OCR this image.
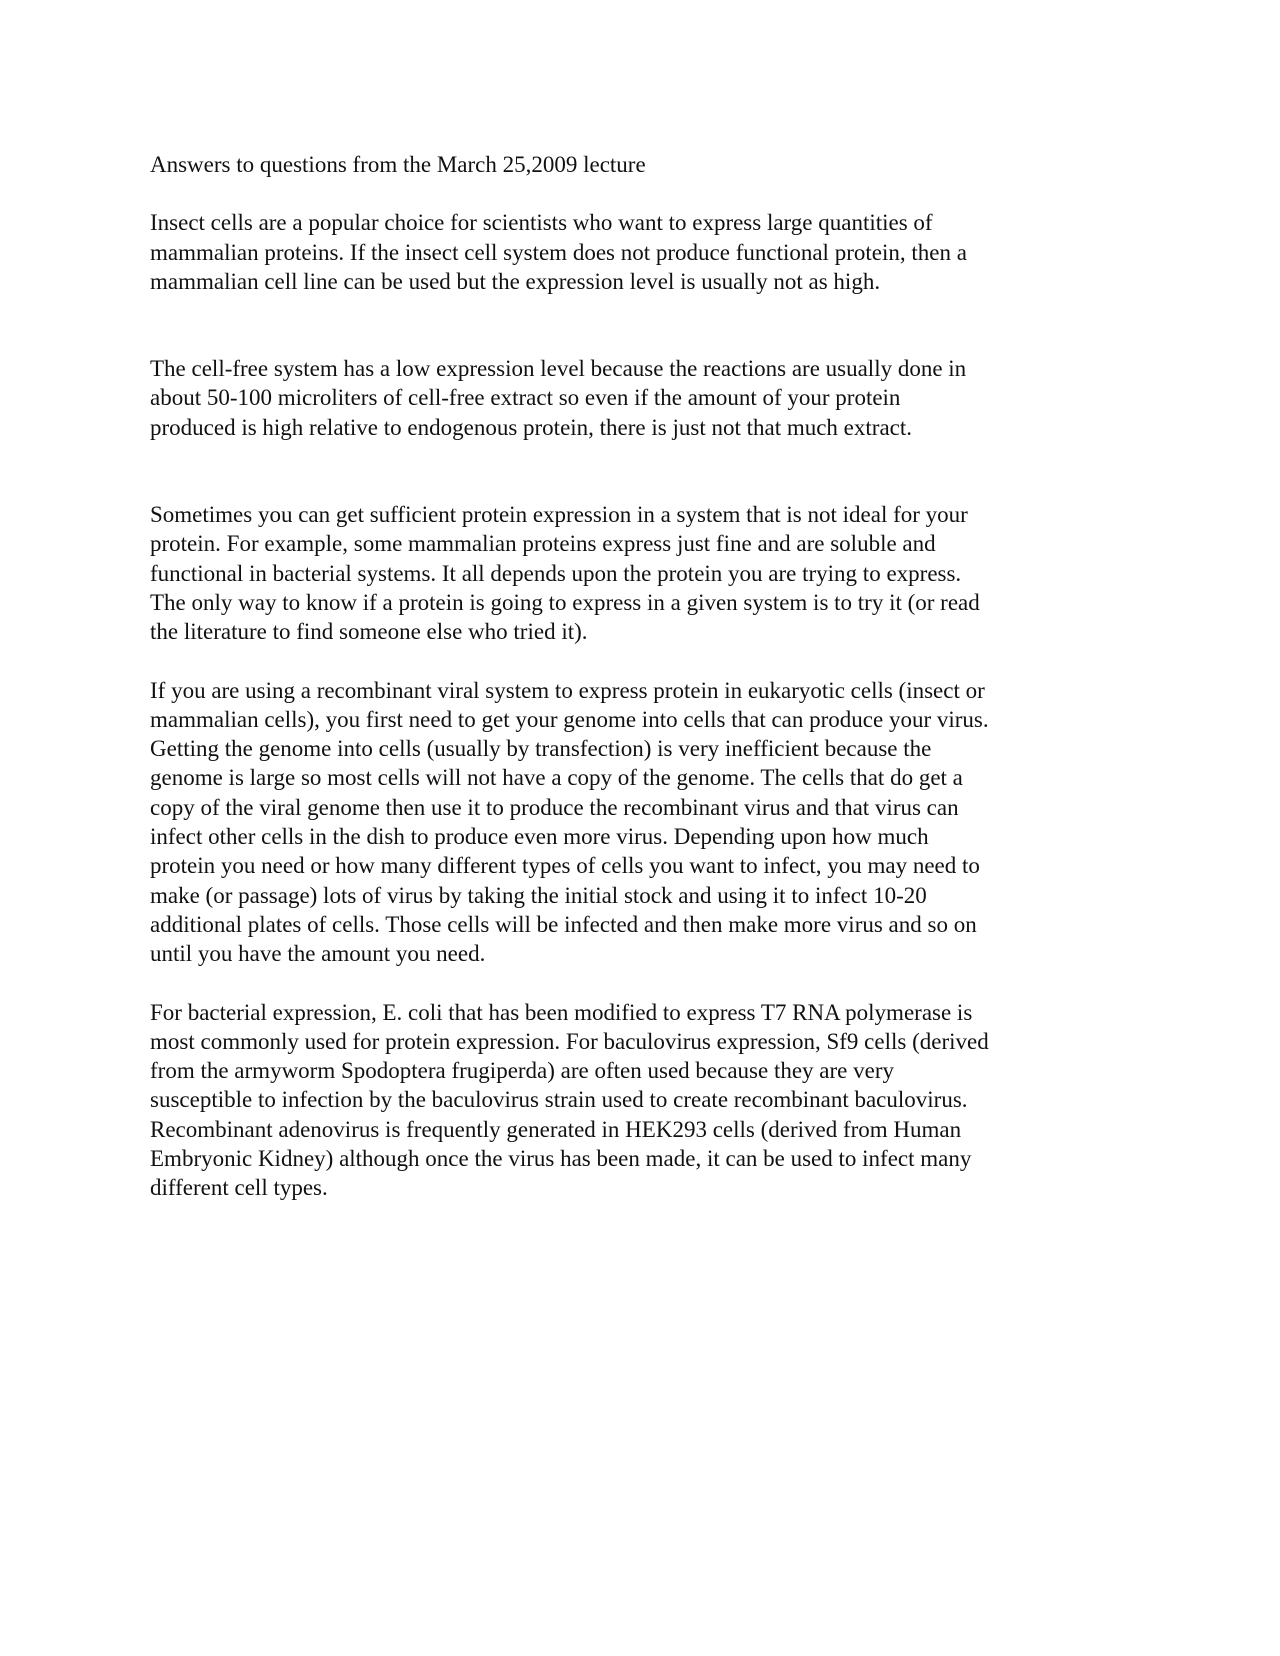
Answers to questions from the March 25,2009 lecture
Insect cells are a popular choice for scientists who want to express large quantities of
mammalian proteins. If the insect cell system does not produce functional protein, then a
mammalian cell line can be used but the expression level is usually not as high.
The cell-free system has a low expression level because the reactions are usually done in
about 50-100 microliters of cell-free extract so even if the amount of your protein
produced is high relative to endogenous protein, there is just not that much extract.
Sometimes you can get sufficient protein expression in a system that is not ideal for your
protein. For example, some mammalian proteins express just fine and are soluble and
functional in bacterial systems. It all depends upon the protein you are trying to express.
The only way to know if a protein is going to express in a given system is to try it (or read
the literature to find someone else who tried it).
If you are using a recombinant viral system to express protein in eukaryotic cells (insect or
mammalian cells), you first need to get your genome into cells that can produce your virus.
Getting the genome into cells (usually by transfection) is very inefficient because the
genome is large so most cells will not have a copy of the genome. The cells that do get a
copy of the viral genome then use it to produce the recombinant virus and that virus can
infect other cells in the dish to produce even more virus. Depending upon how much
protein you need or how many different types of cells you want to infect, you may need to
make (or passage) lots of virus by taking the initial stock and using it to infect 10-20
additional plates of cells. Those cells will be infected and then make more virus and so on
until you have the amount you need.
For bacterial expression, E. coli that has been modified to express T7 RNA polymerase is
most commonly used for protein expression. For baculovirus expression, Sf9 cells (derived
from the armyworm Spodoptera frugiperda) are often used because they are very
susceptible to infection by the baculovirus strain used to create recombinant baculovirus.
Recombinant adenovirus is frequently generated in HEK293 cells (derived from Human
Embryonic Kidney) although once the virus has been made, it can be used to infect many
different cell types.
